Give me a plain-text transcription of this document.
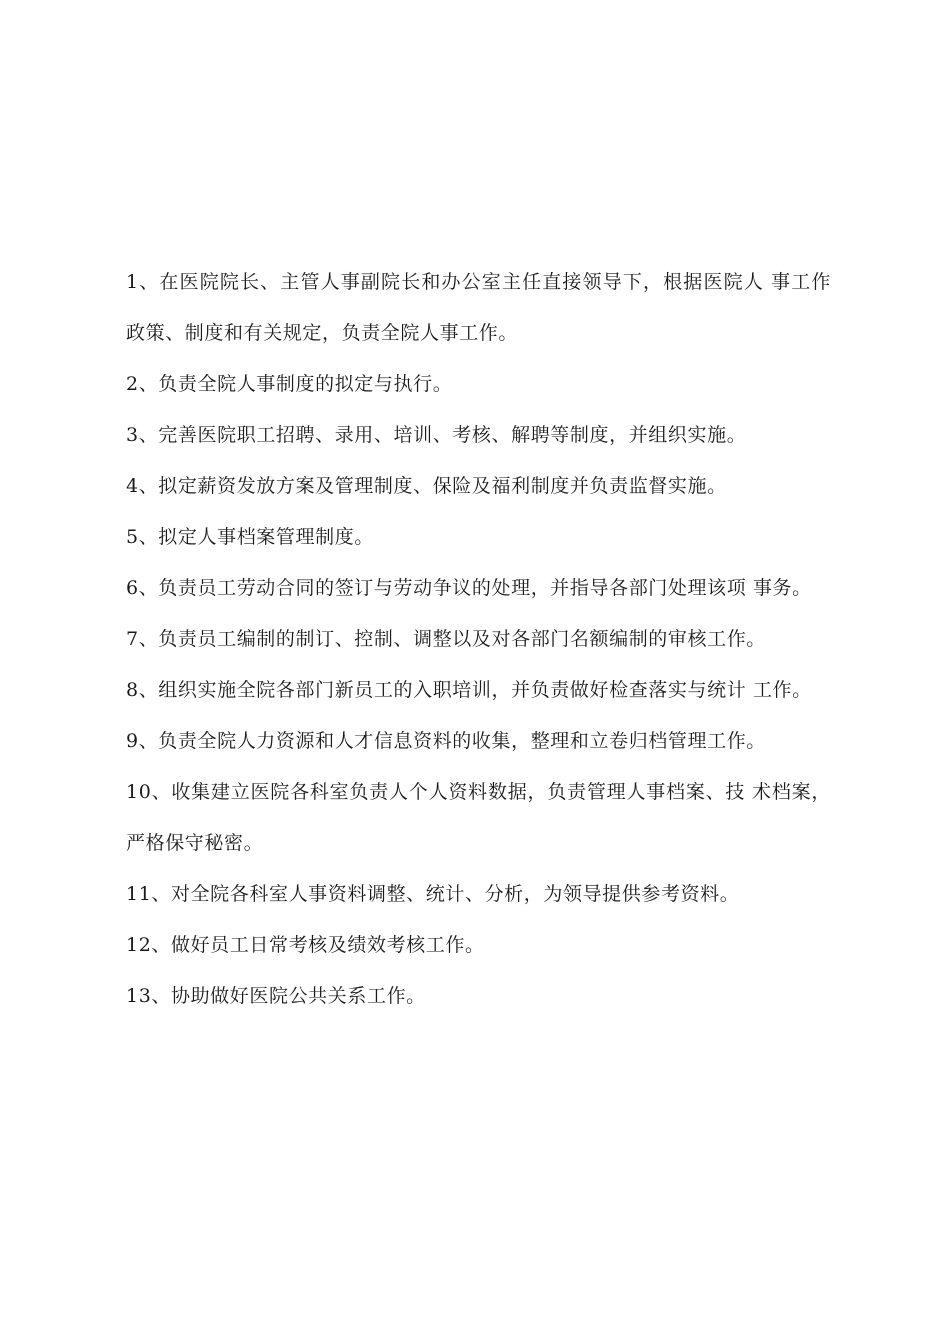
1、在医院院长、主管人事副院长和办公室主任直接领导下，根据医院人 事工作政策、制度和有关规定，负责全院人事工作。

2、负责全院人事制度的拟定与执行。

3、完善医院职工招聘、录用、培训、考核、解聘等制度，并组织实施。

4、拟定薪资发放方案及管理制度、保险及福利制度并负责监督实施。

5、拟定人事档案管理制度。

6、负责员工劳动合同的签订与劳动争议的处理，并指导各部门处理该项 事务。

7、负责员工编制的制订、控制、调整以及对各部门名额编制的审核工作。

8、组织实施全院各部门新员工的入职培训，并负责做好检查落实与统计 工作。

9、负责全院人力资源和人才信息资料的收集，整理和立卷归档管理工作。

10、收集建立医院各科室负责人个人资料数据，负责管理人事档案、技 术档案，严格保守秘密。

11、对全院各科室人事资料调整、统计、分析，为领导提供参考资料。

12、做好员工日常考核及绩效考核工作。

13、协助做好医院公共关系工作。
